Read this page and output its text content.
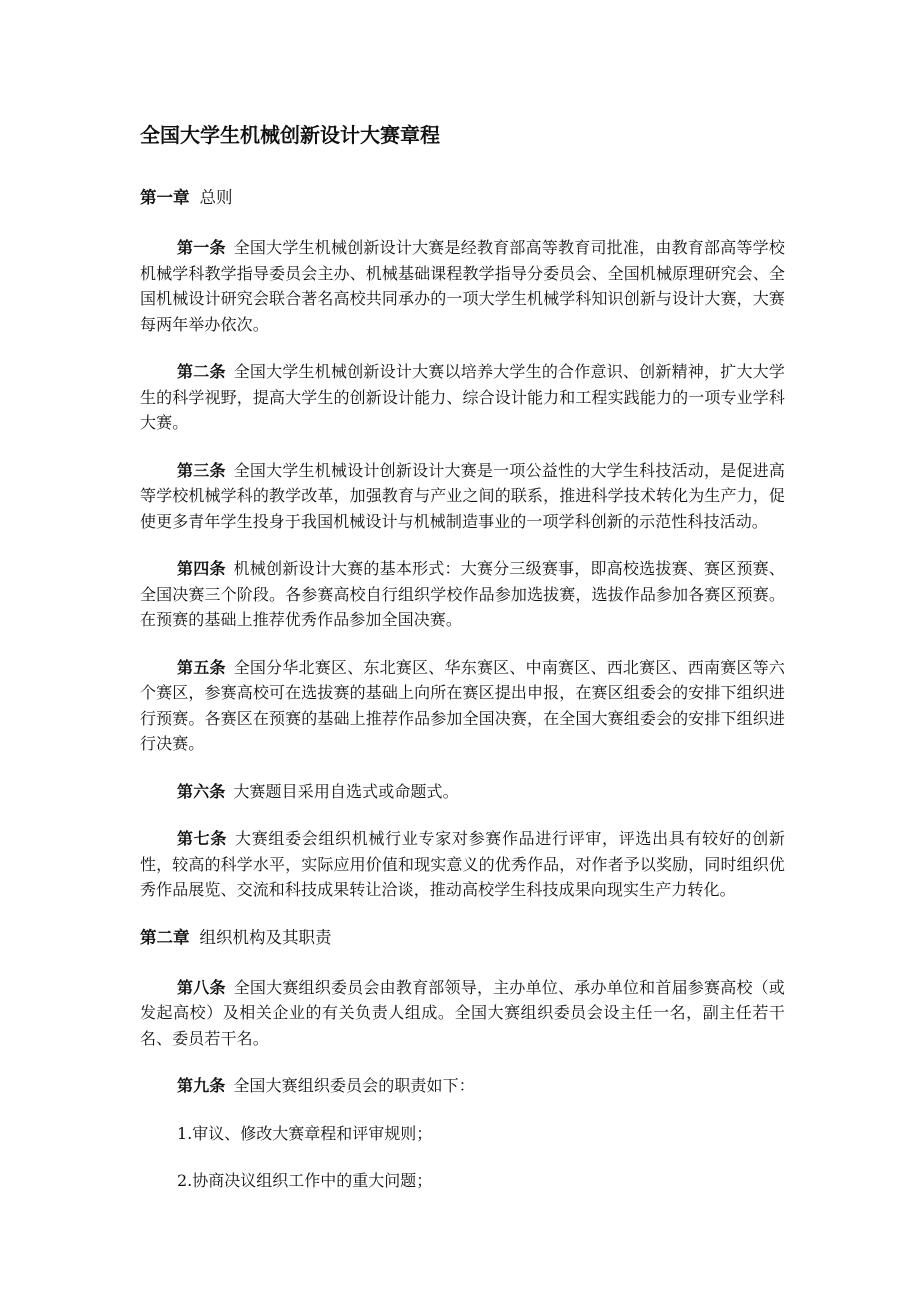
全国大学生机械创新设计大赛章程
第一章 总则

第一条 全国大学生机械创新设计大赛是经教育部高等教育司批准，由教育部高等学校机械学科教学指导委员会主办、机械基础课程教学指导分委员会、全国机械原理研究会、全国机械设计研究会联合著名高校共同承办的一项大学生机械学科知识创新与设计大赛，大赛每两年举办依次。

第二条 全国大学生机械创新设计大赛以培养大学生的合作意识、创新精神，扩大大学生的科学视野，提高大学生的创新设计能力、综合设计能力和工程实践能力的一项专业学科大赛。

第三条 全国大学生机械设计创新设计大赛是一项公益性的大学生科技活动，是促进高等学校机械学科的教学改革，加强教育与产业之间的联系，推进科学技术转化为生产力，促使更多青年学生投身于我国机械设计与机械制造事业的一项学科创新的示范性科技活动。

第四条 机械创新设计大赛的基本形式：大赛分三级赛事，即高校选拔赛、赛区预赛、全国决赛三个阶段。各参赛高校自行组织学校作品参加选拔赛，选拔作品参加各赛区预赛。在预赛的基础上推荐优秀作品参加全国决赛。

第五条 全国分华北赛区、东北赛区、华东赛区、中南赛区、西北赛区、西南赛区等六个赛区，参赛高校可在选拔赛的基础上向所在赛区提出申报，在赛区组委会的安排下组织进行预赛。各赛区在预赛的基础上推荐作品参加全国决赛，在全国大赛组委会的安排下组织进行决赛。

第六条 大赛题目采用自选式或命题式。

第七条 大赛组委会组织机械行业专家对参赛作品进行评审，评选出具有较好的创新性，较高的科学水平，实际应用价值和现实意义的优秀作品，对作者予以奖励，同时组织优秀作品展览、交流和科技成果转让洽谈，推动高校学生科技成果向现实生产力转化。

第二章 组织机构及其职责

第八条 全国大赛组织委员会由教育部领导，主办单位、承办单位和首届参赛高校（或发起高校）及相关企业的有关负责人组成。全国大赛组织委员会设主任一名，副主任若干名、委员若干名。

第九条 全国大赛组织委员会的职责如下：

1.审议、修改大赛章程和评审规则；

2.协商决议组织工作中的重大问题；
